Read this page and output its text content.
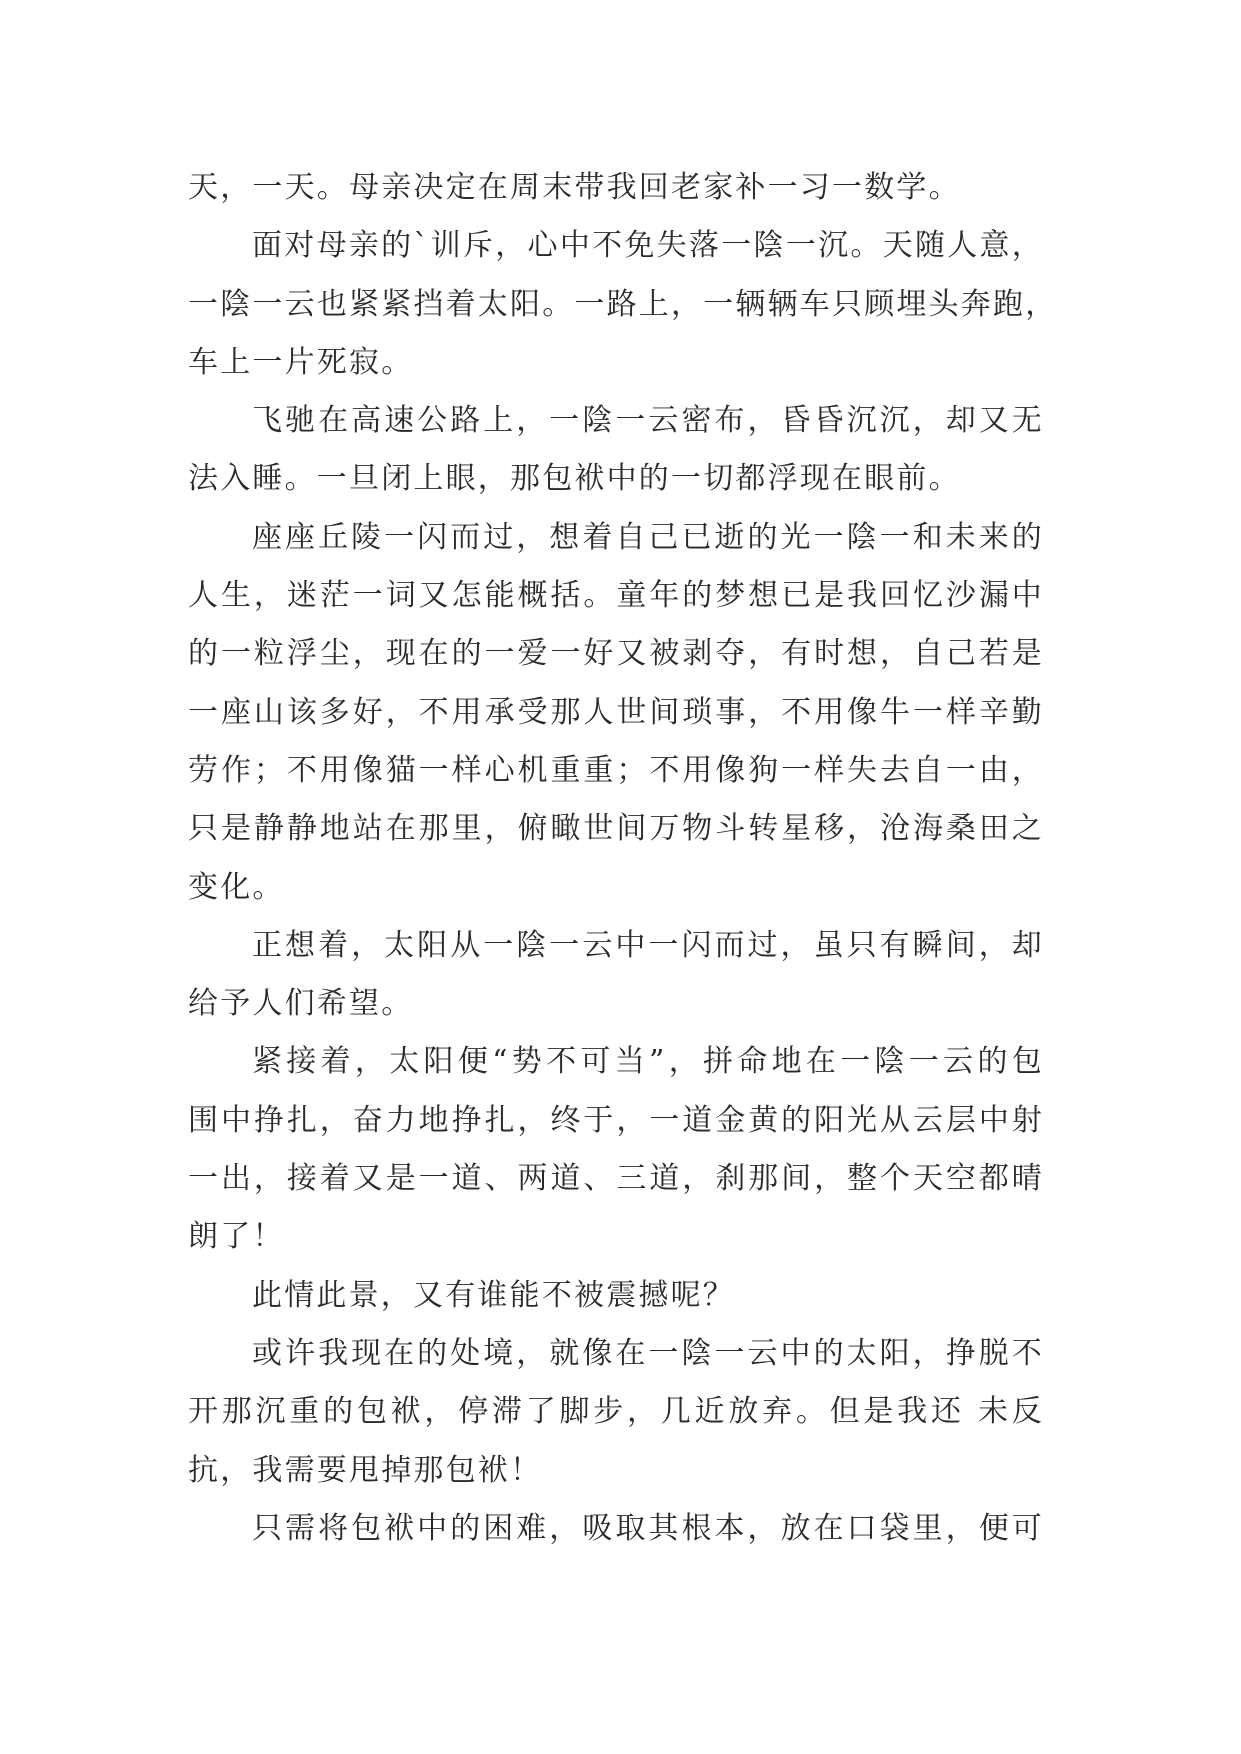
天，一天。母亲决定在周末带我回老家补一习一数学。
面对母亲的`训斥，心中不免失落一陰一沉。天随人意，
一陰一云也紧紧挡着太阳。一路上，一辆辆车只顾埋头奔跑，
车上一片死寂。
飞驰在高速公路上，一陰一云密布，昏昏沉沉，却又无
法入睡。一旦闭上眼，那包袱中的一切都浮现在眼前。
座座丘陵一闪而过，想着自己已逝的光一陰一和未来的
人生，迷茫一词又怎能概括。童年的梦想已是我回忆沙漏中
的一粒浮尘，现在的一爱一好又被剥夺，有时想，自己若是
一座山该多好，不用承受那人世间琐事，不用像牛一样辛勤
劳作；不用像猫一样心机重重；不用像狗一样失去自一由，
只是静静地站在那里，俯瞰世间万物斗转星移，沧海桑田之
变化。
正想着，太阳从一陰一云中一闪而过，虽只有瞬间，却
给予人们希望。
紧接着，太阳便“势不可当”，拼命地在一陰一云的包
围中挣扎，奋力地挣扎，终于，一道金黄的阳光从云层中射
一出，接着又是一道、两道、三道，刹那间，整个天空都晴
朗了！
此情此景，又有谁能不被震撼呢？
或许我现在的处境，就像在一陰一云中的太阳，挣脱不
开那沉重的包袱，停滞了脚步，几近放弃。但是我还 未反
抗，我需要甩掉那包袱！
只需将包袱中的困难，吸取其根本，放在口袋里，便可
